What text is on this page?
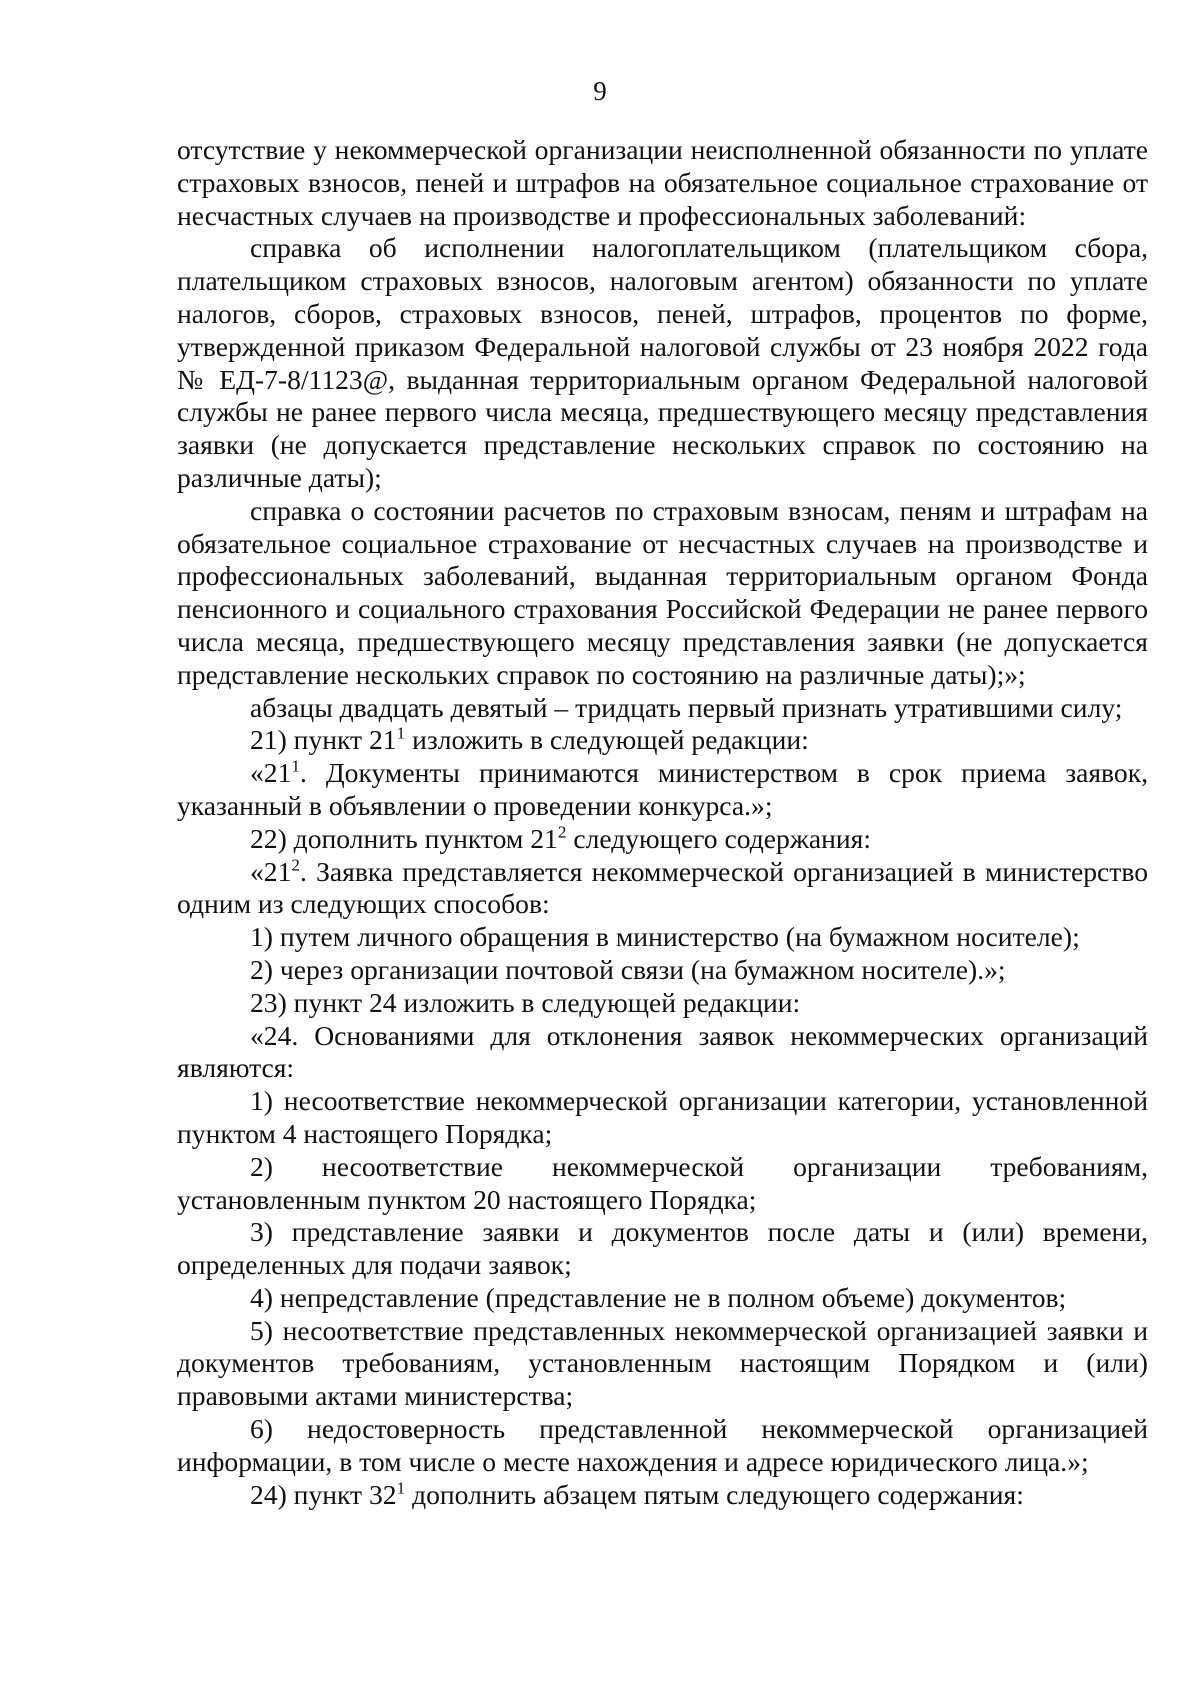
9

отсутствие у некоммерческой организации неисполненной обязанности по уплате страховых взносов, пеней и штрафов на обязательное социальное страхование от несчастных случаев на производстве и профессиональных заболеваний:

справка об исполнении налогоплательщиком (плательщиком сбора, плательщиком страховых взносов, налоговым агентом) обязанности по уплате налогов, сборов, страховых взносов, пеней, штрафов, процентов по форме, утвержденной приказом Федеральной налоговой службы от 23 ноября 2022 года № ЕД-7-8/1123@, выданная территориальным органом Федеральной налоговой службы не ранее первого числа месяца, предшествующего месяцу представления заявки (не допускается представление нескольких справок по состоянию на различные даты);

справка о состоянии расчетов по страховым взносам, пеням и штрафам на обязательное социальное страхование от несчастных случаев на производстве и профессиональных заболеваний, выданная территориальным органом Фонда пенсионного и социального страхования Российской Федерации не ранее первого числа месяца, предшествующего месяцу представления заявки (не допускается представление нескольких справок по состоянию на различные даты);»;

абзацы двадцать девятый – тридцать первый признать утратившими силу;

21) пункт $21^1$ изложить в следующей редакции:

«$21^1$. Документы принимаются министерством в срок приема заявок, указанный в объявлении о проведении конкурса.»;

22) дополнить пунктом $21^2$ следующего содержания:

«$21^2$. Заявка представляется некоммерческой организацией в министерство одним из следующих способов:

1) путем личного обращения в министерство (на бумажном носителе);

2) через организации почтовой связи (на бумажном носителе).»;

23) пункт 24 изложить в следующей редакции:

«24. Основаниями для отклонения заявок некоммерческих организаций являются:

1) несоответствие некоммерческой организации категории, установленной пунктом 4 настоящего Порядка;

2) несоответствие некоммерческой организации требованиям, установленным пунктом 20 настоящего Порядка;

3) представление заявки и документов после даты и (или) времени, определенных для подачи заявок;

4) непредставление (представление не в полном объеме) документов;

5) несоответствие представленных некоммерческой организацией заявки и документов требованиям, установленным настоящим Порядком и (или) правовыми актами министерства;

6) недостоверность представленной некоммерческой организацией информации, в том числе о месте нахождения и адресе юридического лица.»;

24) пункт $32^1$ дополнить абзацем пятым следующего содержания:
